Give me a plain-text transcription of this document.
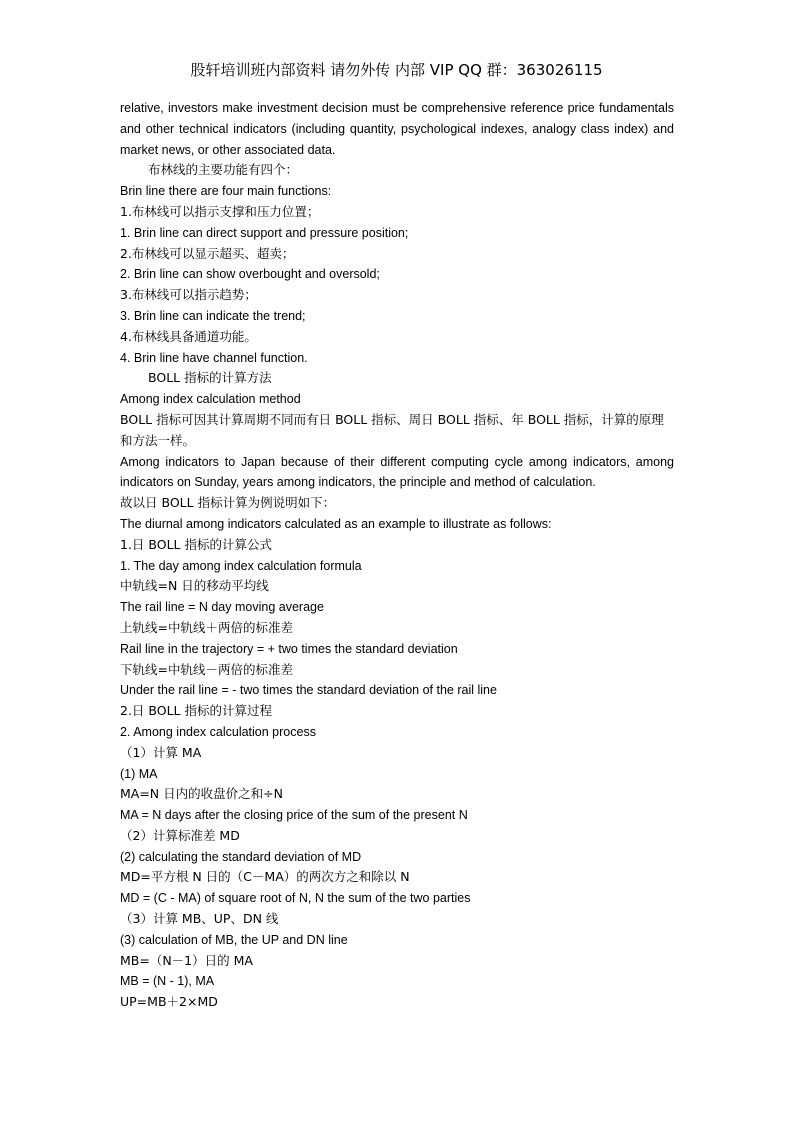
股轩培训班内部资料 请勿外传 内部 VIP QQ 群：363026115

relative, investors make investment decision must be comprehensive reference price fundamentals and other technical indicators (including quantity, psychological indexes, analogy class index) and market news, or other associated data.

布林线的主要功能有四个：

Brin line there are four main functions:

1.布林线可以指示支撑和压力位置；

1. Brin line can direct support and pressure position;

2.布林线可以显示超买、超卖；

2. Brin line can show overbought and oversold;

3.布林线可以指示趋势；

3. Brin line can indicate the trend;

4.布林线具备通道功能。

4. Brin line have channel function.

BOLL 指标的计算方法

Among index calculation method

BOLL 指标可因其计算周期不同而有日 BOLL 指标、周日 BOLL 指标、年 BOLL 指标，计算的原理和方法一样。

Among indicators to Japan because of their different computing cycle among indicators, among indicators on Sunday, years among indicators, the principle and method of calculation.

故以日 BOLL 指标计算为例说明如下：

The diurnal among indicators calculated as an example to illustrate as follows:

1.日 BOLL 指标的计算公式

1. The day among index calculation formula

中轨线=N 日的移动平均线

The rail line = N day moving average

上轨线=中轨线＋两倍的标准差

Rail line in the trajectory = + two times the standard deviation

下轨线=中轨线－两倍的标准差

Under the rail line = - two times the standard deviation of the rail line

2.日 BOLL 指标的计算过程

2. Among index calculation process

（1）计算 MA

(1) MA

MA=N 日内的收盘价之和÷N

MA = N days after the closing price of the sum of the present N

（2）计算标准差 MD

(2) calculating the standard deviation of MD

MD=平方根 N 日的（C－MA）的两次方之和除以 N

MD = (C - MA) of square root of N, N the sum of the two parties

（3）计算 MB、UP、DN 线

(3) calculation of MB, the UP and DN line

MB=（N－1）日的 MA

MB = (N - 1), MA

UP=MB＋2×MD
